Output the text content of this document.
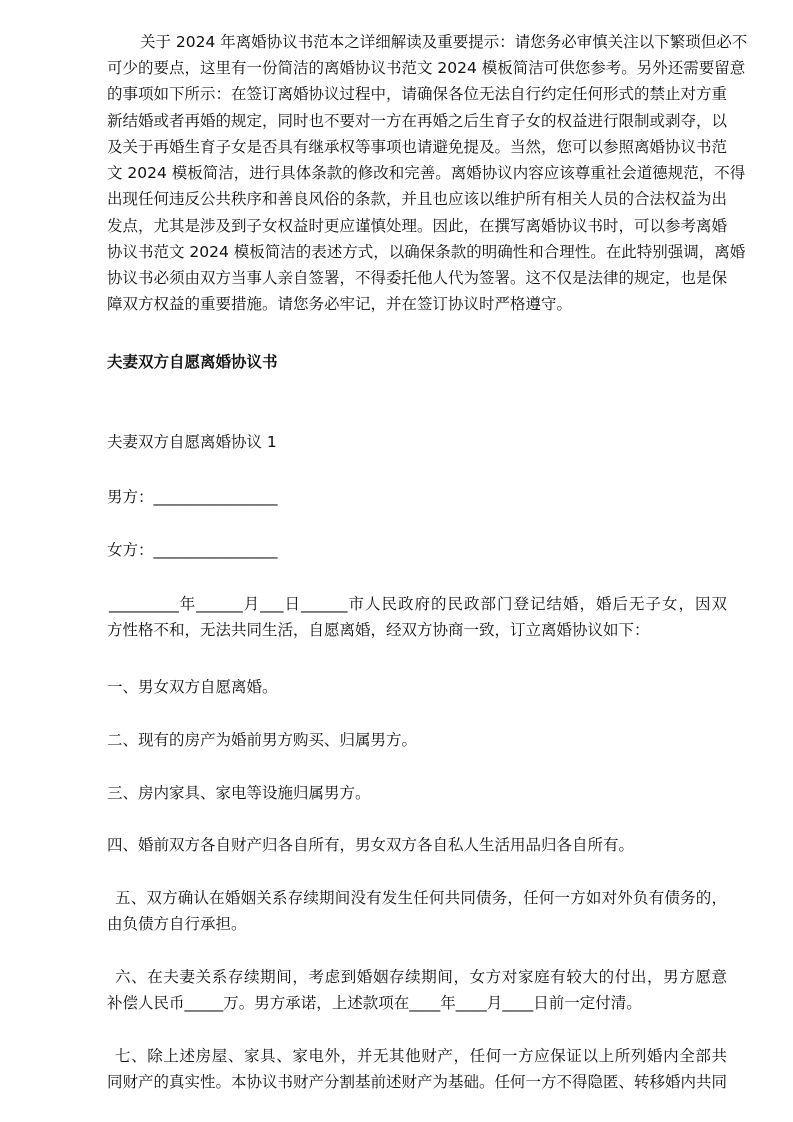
关于 2024 年离婚协议书范本之详细解读及重要提示：请您务必审慎关注以下繁琐但必不
可少的要点，这里有一份简洁的离婚协议书范文 2024 模板简洁可供您参考。另外还需要留意
的事项如下所示：在签订离婚协议过程中，请确保各位无法自行约定任何形式的禁止对方重
新结婚或者再婚的规定，同时也不要对一方在再婚之后生育子女的权益进行限制或剥夺，以
及关于再婚生育子女是否具有继承权等事项也请避免提及。当然，您可以参照离婚协议书范
文 2024 模板简洁，进行具体条款的修改和完善。离婚协议内容应该尊重社会道德规范，不得
出现任何违反公共秩序和善良风俗的条款，并且也应该以维护所有相关人员的合法权益为出
发点，尤其是涉及到子女权益时更应谨慎处理。因此，在撰写离婚协议书时，可以参考离婚
协议书范文 2024 模板简洁的表述方式，以确保条款的明确性和合理性。在此特别强调，离婚
协议书必须由双方当事人亲自签署，不得委托他人代为签署。这不仅是法律的规定，也是保
障双方权益的重要措施。请您务必牢记，并在签订协议时严格遵守。
夫妻双方自愿离婚协议书
夫妻双方自愿离婚协议 1
男方：________________
女方：________________
_________年______月___日______市人民政府的民政部门登记结婚，婚后无子女，因双
方性格不和，无法共同生活，自愿离婚，经双方协商一致，订立离婚协议如下：
一、男女双方自愿离婚。
二、现有的房产为婚前男方购买、归属男方。
三、房内家具、家电等设施归属男方。
四、婚前双方各自财产归各自所有，男女双方各自私人生活用品归各自所有。
五、双方确认在婚姻关系存续期间没有发生任何共同债务，任何一方如对外负有债务的，
由负债方自行承担。
六、在夫妻关系存续期间，考虑到婚姻存续期间，女方对家庭有较大的付出，男方愿意
补偿人民币_____万。男方承诺，上述款项在____年____月____日前一定付清。
七、除上述房屋、家具、家电外，并无其他财产，任何一方应保证以上所列婚内全部共
同财产的真实性。本协议书财产分割基前述财产为基础。任何一方不得隐匿、转移婚内共同
